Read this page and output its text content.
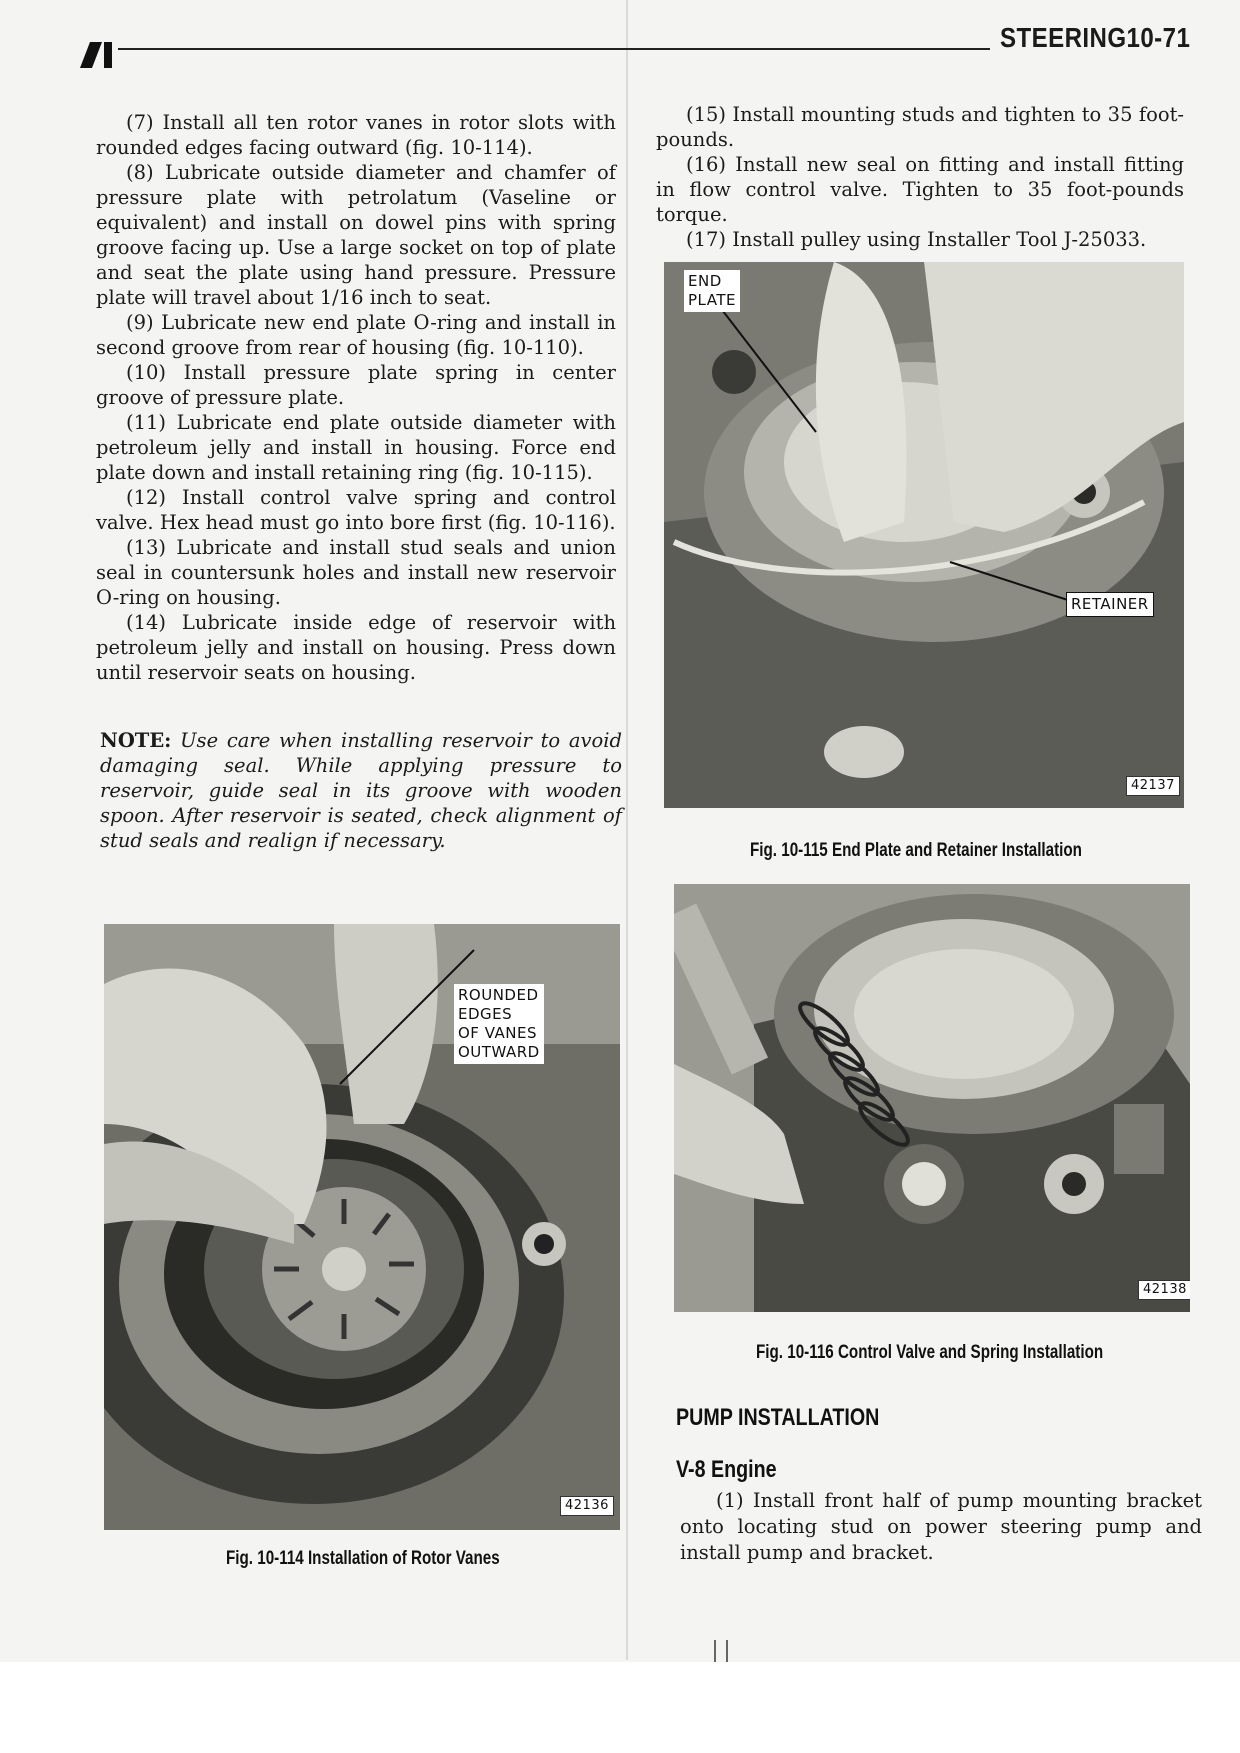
STEERING10-71

(7) Install all ten rotor vanes in rotor slots with rounded edges facing outward (fig. 10-114).

(8) Lubricate outside diameter and chamfer of pressure plate with petrolatum (Vaseline or equivalent) and install on dowel pins with spring groove facing up. Use a large socket on top of plate and seat the plate using hand pressure. Pressure plate will travel about 1/16 inch to seat.

(9) Lubricate new end plate O-ring and install in second groove from rear of housing (fig. 10-110).

(10) Install pressure plate spring in center groove of pressure plate.

(11) Lubricate end plate outside diameter with petroleum jelly and install in housing. Force end plate down and install retaining ring (fig. 10-115).

(12) Install control valve spring and control valve. Hex head must go into bore first (fig. 10-116).

(13) Lubricate and install stud seals and union seal in countersunk holes and install new reservoir O-ring on housing.

(14) Lubricate inside edge of reservoir with petroleum jelly and install on housing. Press down until reservoir seats on housing.

NOTE: Use care when installing reservoir to avoid damaging seal. While applying pressure to reservoir, guide seal in its groove with wooden spoon. After reservoir is seated, check alignment of stud seals and realign if necessary.
ROUNDED
EDGES
OF VANES
OUTWARD
42136
Fig. 10-114 Installation of Rotor Vanes

(15) Install mounting studs and tighten to 35 foot-pounds.

(16) Install new seal on fitting and install fitting in flow control valve. Tighten to 35 foot-pounds torque.

(17) Install pulley using Installer Tool J-25033.

END
PLATE
RETAINER
42137
Fig. 10-115 End Plate and Retainer Installation
42138
Fig. 10-116 Control Valve and Spring Installation
PUMP INSTALLATION
V-8 Engine

(1) Install front half of pump mounting bracket onto locating stud on power steering pump and install pump and bracket.
